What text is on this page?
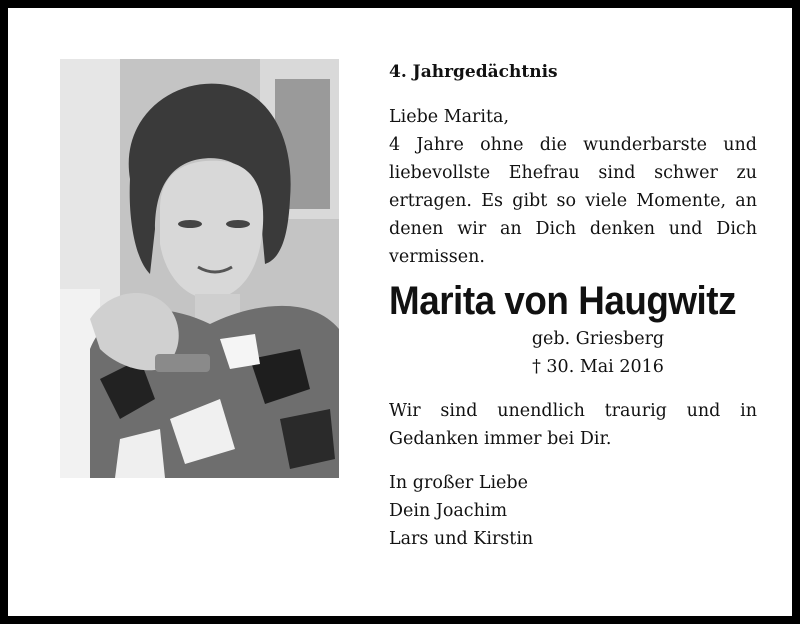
4. Jahrgedächtnis
Liebe Marita,

4 Jahre ohne die wunderbarste und liebevollste Ehefrau sind schwer zu ertragen. Es gibt so viele Momente, an denen wir an Dich denken und Dich vermissen.

Marita von Haugwitz
geb. Griesberg
† 30. Mai 2016

Wir sind unendlich traurig und in Gedanken immer bei Dir.

In großer Liebe
Dein Joachim
Lars und Kirstin
